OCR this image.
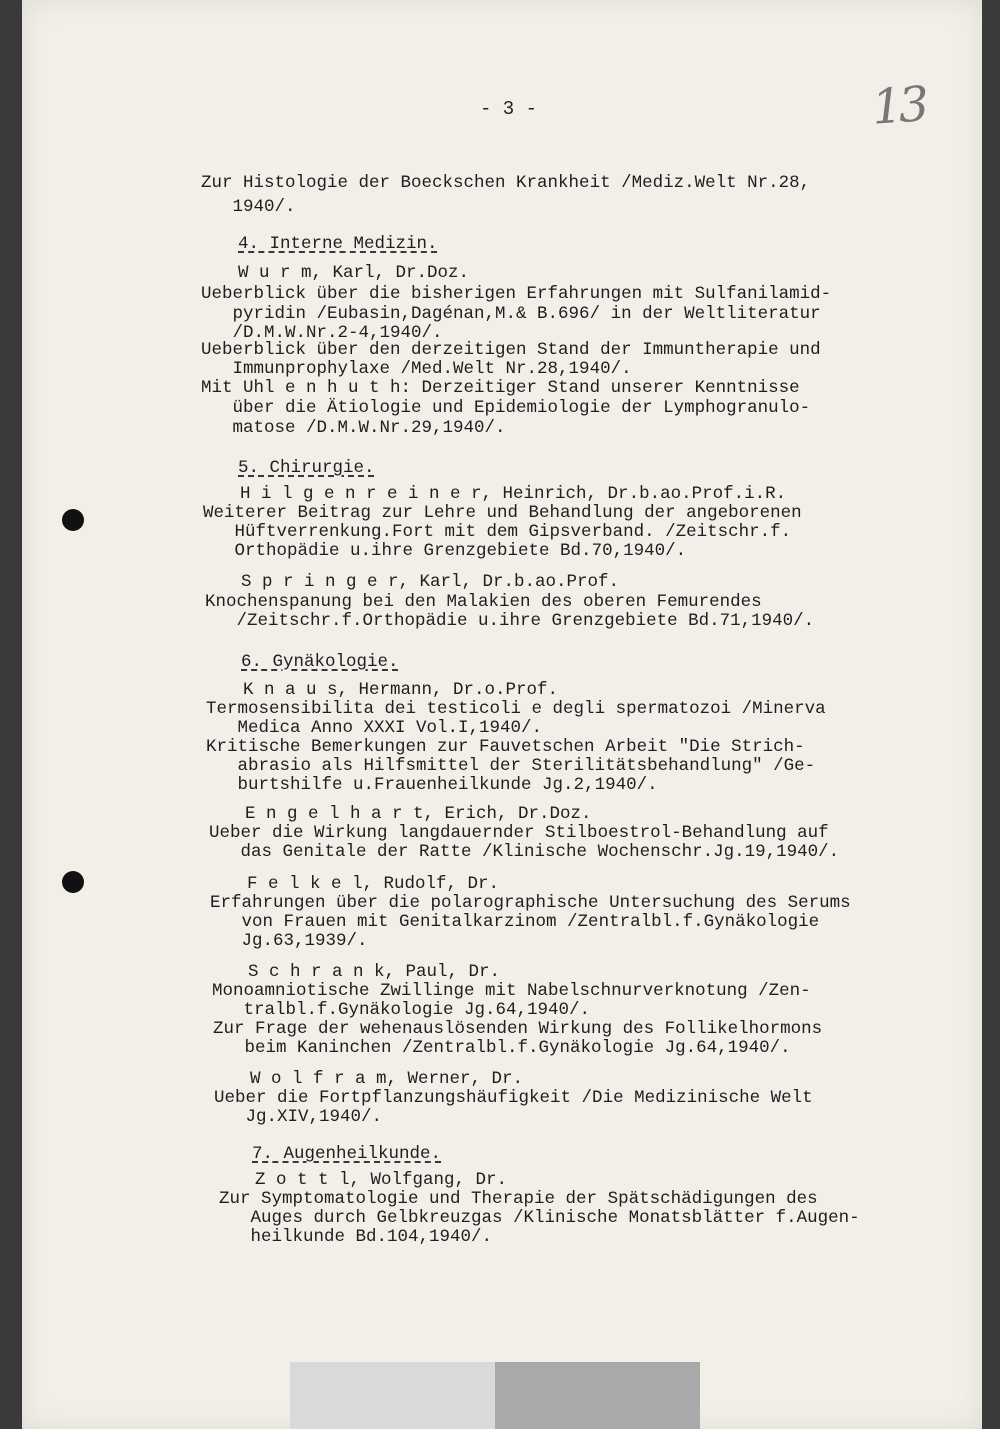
- 3 -	13
Zur Histologie der Boeckschen Krankheit /Mediz.Welt Nr.28,
1940/.
4. Interne Medizin.
W u r m, Karl, Dr.Doz.
Ueberblick über die bisherigen Erfahrungen mit Sulfanilamid-
pyridin /Eubasin,Dagénan,M.& B.696/ in der Weltliteratur
/D.M.W.Nr.2-4,1940/.
Ueberblick über den derzeitigen Stand der Immuntherapie und
Immunprophylaxe /Med.Welt Nr.28,1940/.
Mit Uhl e n h u t h: Derzeitiger Stand unserer Kenntnisse
über die Ätiologie und Epidemiologie der Lymphogranulo-
matose /D.M.W.Nr.29,1940/.
5. Chirurgie.
H i l g e n r e i n e r, Heinrich, Dr.b.ao.Prof.i.R.
Weiterer Beitrag zur Lehre und Behandlung der angeborenen
Hüftverrenkung.Fort mit dem Gipsverband. /Zeitschr.f.
Orthopädie u.ihre Grenzgebiete Bd.70,1940/.
S p r i n g e r, Karl, Dr.b.ao.Prof.
Knochenspanung bei den Malakien des oberen Femurendes
/Zeitschr.f.Orthopädie u.ihre Grenzgebiete Bd.71,1940/.
6. Gynäkologie.
K n a u s, Hermann, Dr.o.Prof.
Termosensibilita dei testicoli e degli spermatozoi /Minerva
Medica Anno XXXI Vol.I,1940/.
Kritische Bemerkungen zur Fauvetschen Arbeit "Die Strich-
abrasio als Hilfsmittel der Sterilitätsbehandlung" /Ge-
burtshilfe u.Frauenheilkunde Jg.2,1940/.
E n g e l h a r t, Erich, Dr.Doz.
Ueber die Wirkung langdauernder Stilboestrol-Behandlung auf
das Genitale der Ratte /Klinische Wochenschr.Jg.19,1940/.
F e l k e l, Rudolf, Dr.
Erfahrungen über die polarographische Untersuchung des Serums
von Frauen mit Genitalkarzinom /Zentralbl.f.Gynäkologie
Jg.63,1939/.
S c h r a n k, Paul, Dr.
Monoamniotische Zwillinge mit Nabelschnurverknotung /Zen-
tralbl.f.Gynäkologie Jg.64,1940/.
Zur Frage der wehenauslösenden Wirkung des Follikelhormons
beim Kaninchen /Zentralbl.f.Gynäkologie Jg.64,1940/.
W o l f r a m, Werner, Dr.
Ueber die Fortpflanzungshäufigkeit /Die Medizinische Welt
Jg.XIV,1940/.
7. Augenheilkunde.
Z o t t l, Wolfgang, Dr.
Zur Symptomatologie und Therapie der Spätschädigungen des
Auges durch Gelbkreuzgas /Klinische Monatsblätter f.Augen-
heilkunde Bd.104,1940/.
